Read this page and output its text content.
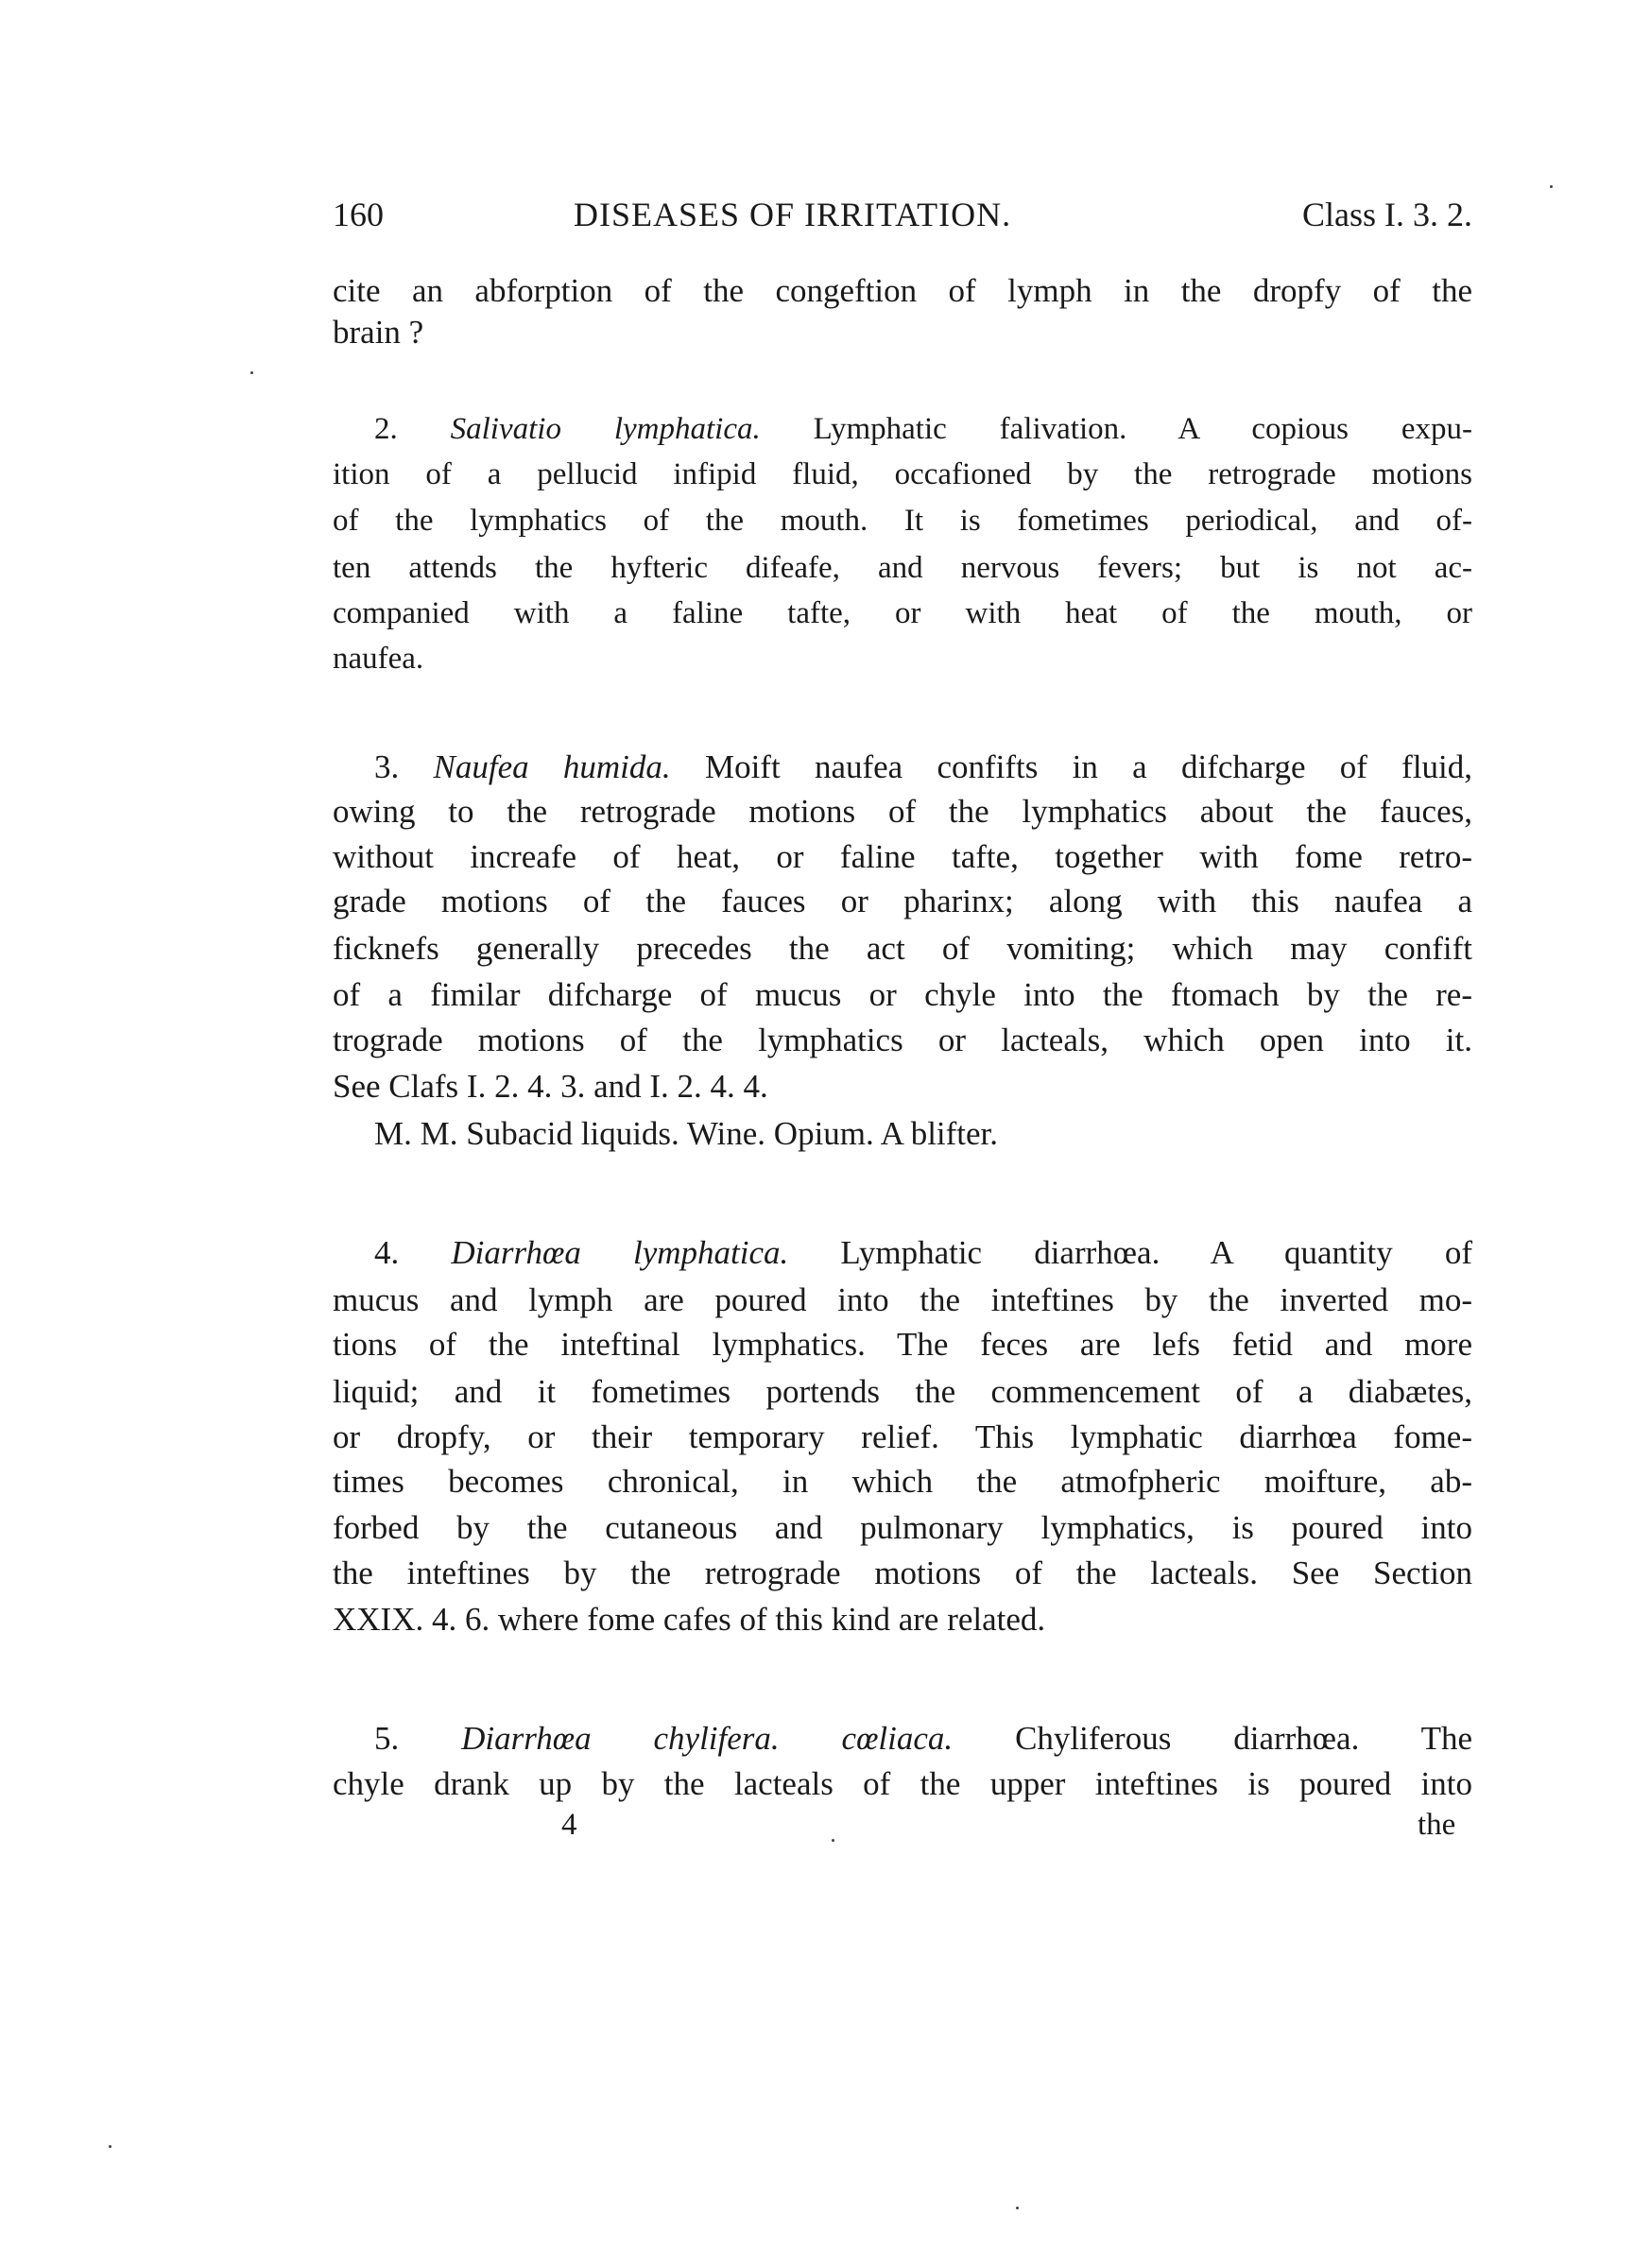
160	DISEASES OF IRRITATION.	Class I. 3. 2.
cite an abforption of the congeftion of lymph in the dropfy of the
brain ?
2. Salivatio lymphatica. Lymphatic falivation. A copious expu-
ition of a pellucid infipid fluid, occafioned by the retrograde motions
of the lymphatics of the mouth. It is fometimes periodical, and of-
ten attends the hyfteric difeafe, and nervous fevers; but is not ac-
companied with a faline tafte, or with heat of the mouth, or
naufea.
3. Naufea humida. Moift naufea confifts in a difcharge of fluid,
owing to the retrograde motions of the lymphatics about the fauces,
without increafe of heat, or faline tafte, together with fome retro-
grade motions of the fauces or pharinx; along with this naufea a
ficknefs generally precedes the act of vomiting; which may confift
of a fimilar difcharge of mucus or chyle into the ftomach by the re-
trograde motions of the lymphatics or lacteals, which open into it.
See Clafs I. 2. 4. 3. and I. 2. 4. 4.
M. M. Subacid liquids. Wine. Opium. A blifter.
4. Diarrhœa lymphatica. Lymphatic diarrhœa. A quantity of
mucus and lymph are poured into the inteftines by the inverted mo-
tions of the inteftinal lymphatics. The feces are lefs fetid and more
liquid; and it fometimes portends the commencement of a diabætes,
or dropfy, or their temporary relief. This lymphatic diarrhœa fome-
times becomes chronical, in which the atmofpheric moifture, ab-
forbed by the cutaneous and pulmonary lymphatics, is poured into
the inteftines by the retrograde motions of the lacteals. See Section
XXIX. 4. 6. where fome cafes of this kind are related.
5. Diarrhœa chylifera. cœliaca. Chyliferous diarrhœa. The
chyle drank up by the lacteals of the upper inteftines is poured into
4	the
